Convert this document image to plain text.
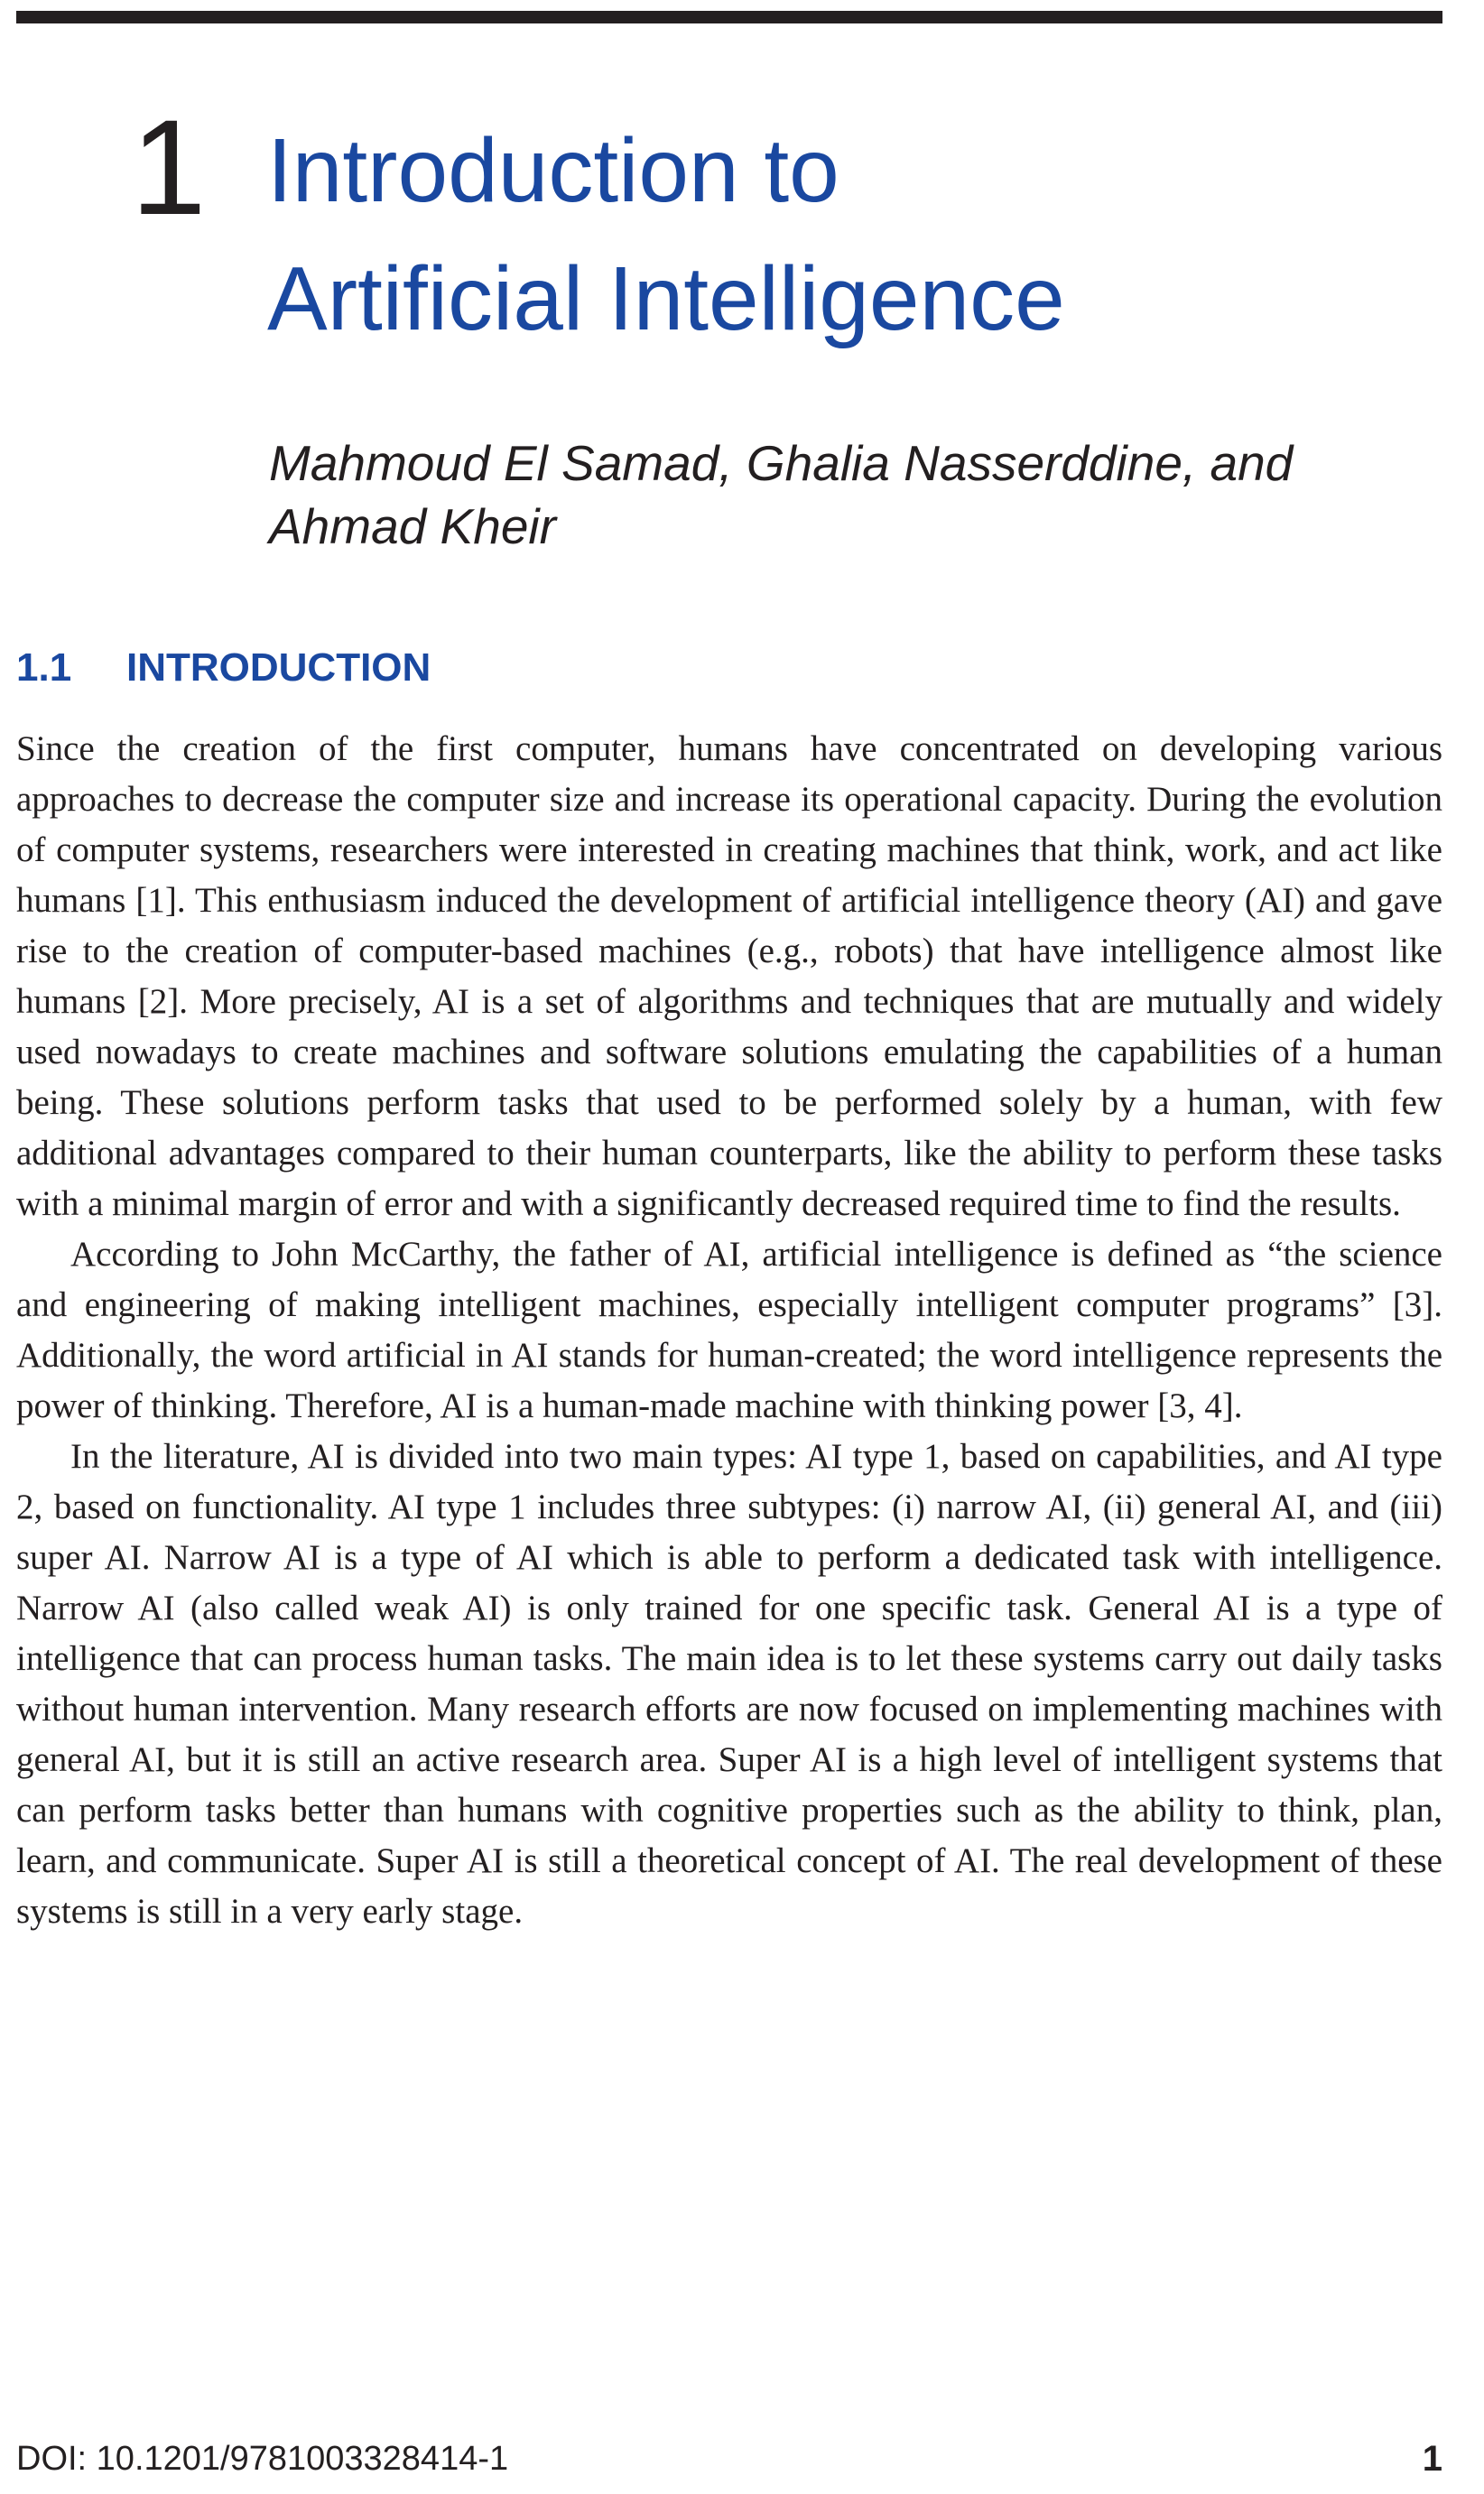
1 Introduction to
Artificial Intelligence
Mahmoud El Samad, Ghalia Nasserddine, and
Ahmad Kheir
1.1 INTRODUCTION

Since the creation of the first computer, humans have concentrated on developing various approaches to decrease the computer size and increase its operational capacity. During the evolution of computer systems, researchers were interested in creating machines that think, work, and act like humans [1]. This enthusiasm induced the development of artificial intelligence theory (AI) and gave rise to the creation of computer-based machines (e.g., robots) that have intelligence almost like humans [2]. More precisely, AI is a set of algorithms and techniques that are mutually and widely used nowadays to create machines and software solutions emulating the capabilities of a human being. These solutions perform tasks that used to be performed solely by a human, with few additional advantages compared to their human counterparts, like the ability to perform these tasks with a minimal margin of error and with a significantly decreased required time to find the results.

According to John McCarthy, the father of AI, artificial intelligence is defined as “the science and engineering of making intelligent machines, especially intelligent computer programs” [3]. Additionally, the word artificial in AI stands for human-created; the word intelligence represents the power of thinking. Therefore, AI is a human-made machine with thinking power [3, 4].

In the literature, AI is divided into two main types: AI type 1, based on capabilities, and AI type 2, based on functionality. AI type 1 includes three subtypes: (i) narrow AI, (ii) general AI, and (iii) super AI. Narrow AI is a type of AI which is able to perform a dedicated task with intelligence. Narrow AI (also called weak AI) is only trained for one specific task. General AI is a type of intelligence that can process human tasks. The main idea is to let these systems carry out daily tasks without human intervention. Many research efforts are now focused on implementing machines with general AI, but it is still an active research area. Super AI is a high level of intelligent systems that can perform tasks better than humans with cognitive properties such as the ability to think, plan, learn, and communicate. Super AI is still a theoretical concept of AI. The real development of these systems is still in a very early stage.

DOI: 10.1201/9781003328414-1	1
